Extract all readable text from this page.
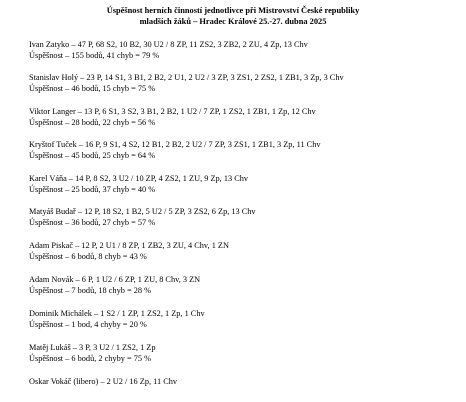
Úspěšnost herních činností jednotlivce při Mistrovství České republiky
mladších žáků – Hradec Králové 25.-27. dubna 2025
Ivan Zatyko – 47 P, 68 S2, 10 B2, 30 U2 / 8 ZP, 11 ZS2, 3 ZB2, 2 ZU, 4 Zp, 13 Chv
Úspěšnost – 155 bodů, 41 chyb = 79 %
Stanislav Holý – 23 P, 14 S1, 3 B1, 2 B2, 2 U1, 2 U2 / 3 ZP, 3 ZS1, 2 ZS2, 1 ZB1, 3 Zp, 3 Chv
Úspěšnost – 46 bodů, 15 chyb = 75 %
Viktor Langer – 13 P, 6 S1, 3 S2, 3 B1, 2 B2, 1 U2 / 7 ZP, 1 ZS2, 1 ZB1, 1 Zp, 12 Chv
Úspěšnost – 28 bodů, 22 chyb = 56 %
Kryštof Tuček – 16 P, 9 S1, 4 S2, 12 B1, 2 B2, 2 U2 / 7 ZP, 3 ZS1, 1 ZB1, 3 Zp, 11 Chv
Úspěšnost – 45 bodů, 25 chyb = 64 %
Karel Váňa – 14 P, 8 S2, 3 U2 / 10 ZP, 4 ZS2, 1 ZU, 9 Zp, 13 Chv
Úspěšnost – 25 bodů, 37 chyb = 40 %
Matyáš Budař – 12 P, 18 S2, 1 B2, 5 U2 / 5 ZP, 3 ZS2, 6 Zp, 13 Chv
Úspěšnost – 36 bodů, 27 chyb = 57 %
Adam Piskač – 12 P, 2 U1 / 8 ZP, 1 ZB2, 3 ZU, 4 Chv, 1 ZN
Úspěšnost – 6 bodů, 8 chyb = 43 %
Adam Novák – 6 P, 1 U2 / 6 ZP, 1 ZU, 8 Chv, 3 ZN
Úspěšnost – 7 bodů, 18 chyb = 28 %
Dominik Michálek – 1 S2 / 1 ZP, 1 ZS2, 1 Zp, 1 Chv
Úspěšnost – 1 bod, 4 chyby = 20 %
Matěj Lukáš – 3 P, 3 U2 / 1 ZS2, 1 Zp
Úspěšnost – 6 bodů, 2 chyby = 75 %
Oskar Vokáč (libero) – 2 U2 / 16 Zp, 11 Chv
